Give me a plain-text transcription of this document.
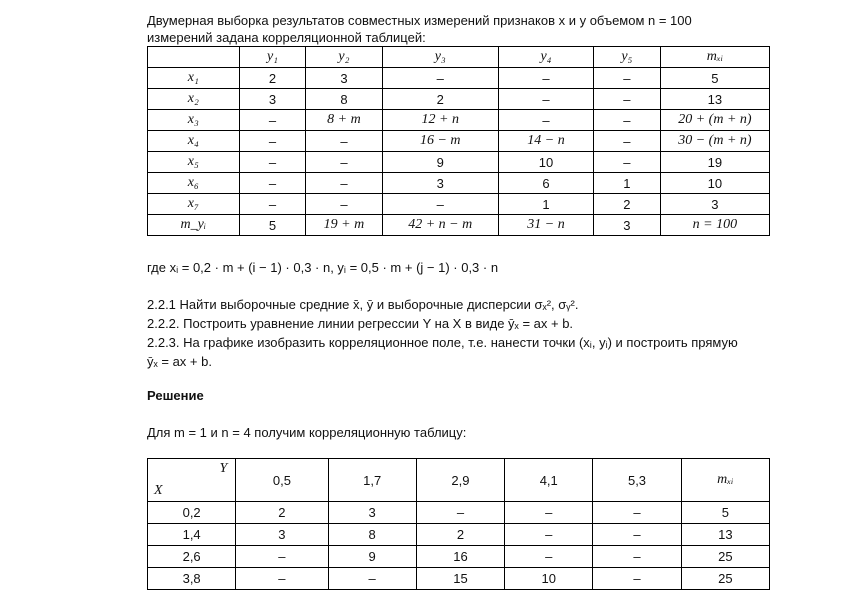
Двумерная выборка результатов совместных измерений признаков x и y объемом n = 100
измерений задана корреляционной таблицей:
	y₁	y₂	y₃	y₄	y₅	mₓᵢ
x₁	2	3	–	–	–	5
x₂	3	8	2	–	–	13
x₃	–	8 + m	12 + n	–	–	20 + (m + n)
x₄	–	–	16 − m	14 − n	–	30 − (m + n)
x₅	–	–	9	10	–	19
x₆	–	–	3	6	1	10
x₇	–	–	–	1	2	3
m_yᵢ	5	19 + m	42 + n − m	31 − n	3	n = 100
где xᵢ = 0,2 · m + (i − 1) · 0,3 · n, yᵢ = 0,5 · m + (j − 1) · 0,3 · n
2.2.1 Найти выборочные средние x̄, ȳ и выборочные дисперсии σₓ², σᵧ².
2.2.2. Построить уравнение линии регрессии Y на X в виде ȳₓ = ax + b.
2.2.3. На графике изобразить корреляционное поле, т.е. нанести точки (xᵢ, yᵢ) и построить прямую
ȳₓ = ax + b.
Решение
Для m = 1 и n = 4 получим корреляционную таблицу:
Y
X	0,5	1,7	2,9	4,1	5,3	mₓᵢ
0,2	2	3	–	–	–	5
1,4	3	8	2	–	–	13
2,6	–	9	16	–	–	25
3,8	–	–	15	10	–	25
